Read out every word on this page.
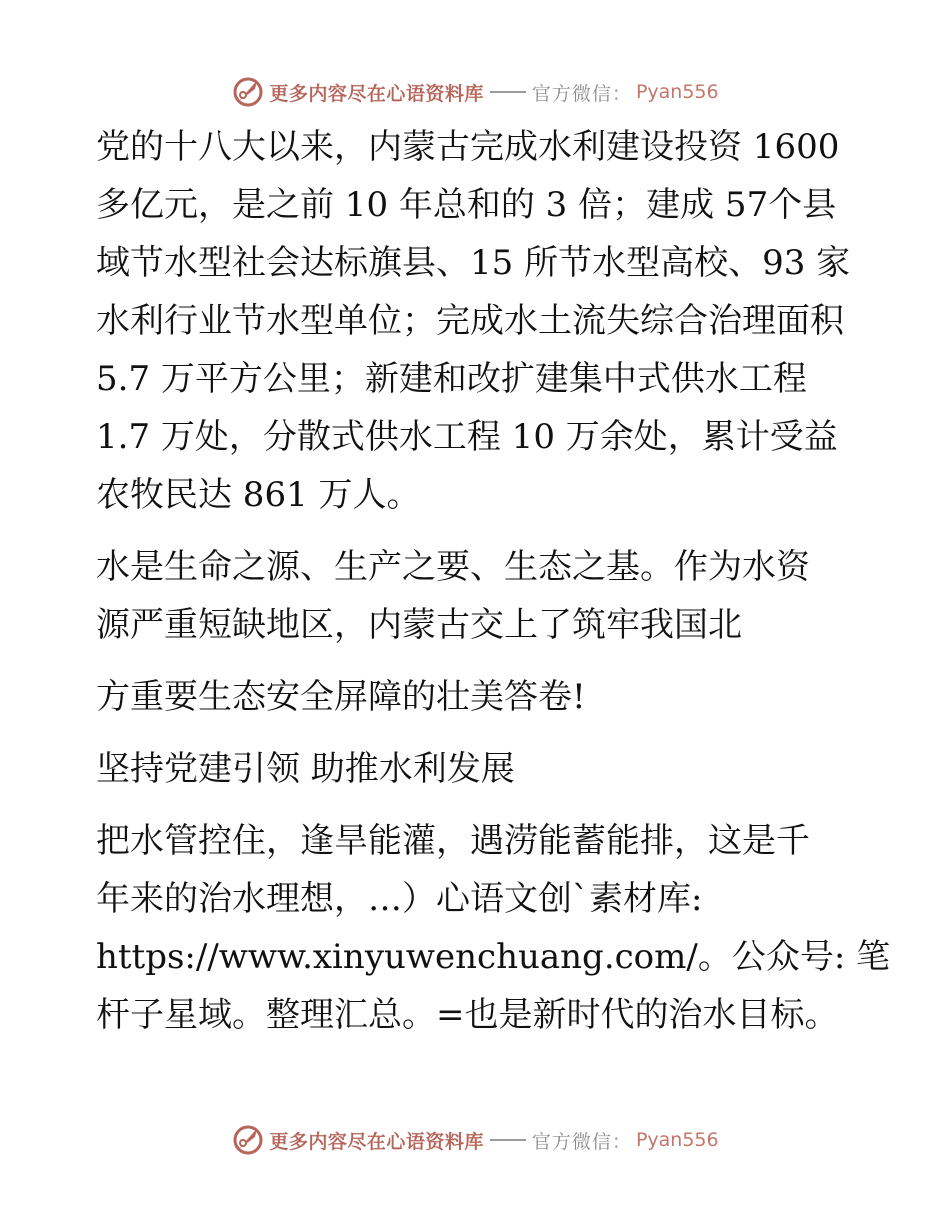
更多内容尽在心语资料库	官方微信： Pyan556

党的十八大以来，内蒙古完成水利建设投资 1600
多亿元，是之前 10 年总和的 3 倍；建成 57个县
域节水型社会达标旗县、15 所节水型高校、93 家
水利行业节水型单位；完成水土流失综合治理面积
5.7 万平方公里；新建和改扩建集中式供水工程
1.7 万处，分散式供水工程 10 万余处，累计受益
农牧民达 861 万人。

水是生命之源、生产之要、生态之基。作为水资
源严重短缺地区，内蒙古交上了筑牢我国北

方重要生态安全屏障的壮美答卷!

坚持党建引领 助推水利发展

把水管控住，逢旱能灌，遇涝能蓄能排，这是千
年来的治水理想，…）心语文创`素材库:
https://www.xinyuwenchuang.com/。公众号: 笔
杆子星域。整理汇总。=也是新时代的治水目标。

更多内容尽在心语资料库	官方微信： Pyan556
